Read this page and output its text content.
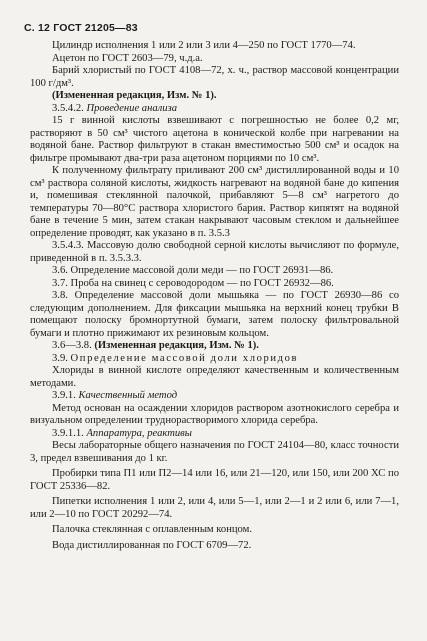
С. 12 ГОСТ 21205—83

Цилиндр исполнения 1 или 2 или 3 или 4—250 по ГОСТ 1770—74.

Ацетон по ГОСТ 2603—79, ч.д.а.

Барий хлористый по ГОСТ 4108—72, х. ч., раствор массовой концентрации 100 г/дм³.

(Измененная редакция, Изм. № 1).

3.5.4.2. Проведение анализа

15 г винной кислоты взвешивают с погрешностью не более 0,2 мг, растворяют в 50 см³ чистого ацетона в конической колбе при нагревании на водяной бане. Раствор фильтруют в стакан вместимостью 500 см³ и осадок на фильтре промывают два-три раза ацетоном порциями по 10 см³.

К полученному фильтрату приливают 200 см³ дистиллированной воды и 10 см³ раствора соляной кислоты, жидкость нагревают на водяной бане до кипения и, помешивая стеклянной палочкой, прибавляют 5—8 см³ нагретого до температуры 70—80°С раствора хлористого бария. Раствор кипятят на водяной бане в течение 5 мин, затем стакан накрывают часовым стеклом и дальнейшее определение проводят, как указано в п. 3.5.3

3.5.4.3. Массовую долю свободной серной кислоты вычисляют по формуле, приведенной в п. 3.5.3.3.

3.6. Определение массовой доли меди — по ГОСТ 26931—86.

3.7. Проба на свинец с сероводородом — по ГОСТ 26932—86.

3.8. Определение массовой доли мышьяка — по ГОСТ 26930—86 со следующим дополнением. Для фиксации мышьяка на верхний конец трубки В помещают полоску бромнортутной бумаги, затем полоску фильтровальной бумаги и плотно прижимают их резиновым кольцом.

3.6—3.8. (Измененная редакция, Изм. № 1).

3.9. Определение массовой доли хлоридов

Хлориды в винной кислоте определяют качественным и количественным методами.

3.9.1. Качественный метод

Метод основан на осаждении хлоридов раствором азотнокислого серебра и визуальном определении труднорастворимого хлорида серебра.

3.9.1.1. Аппаратура, реактивы

Весы лабораторные общего назначения по ГОСТ 24104—80, класс точности 3, предел взвешивания до 1 кг.

Пробирки типа П1 или П2—14 или 16, или 21—120, или 150, или 200 ХС по ГОСТ 25336—82.

Пипетки исполнения 1 или 2, или 4, или 5—1, или 2—1 и 2 или 6, или 7—1, или 2—10 по ГОСТ 20292—74.

Палочка стеклянная с оплавленным концом.

Вода дистиллированная по ГОСТ 6709—72.
